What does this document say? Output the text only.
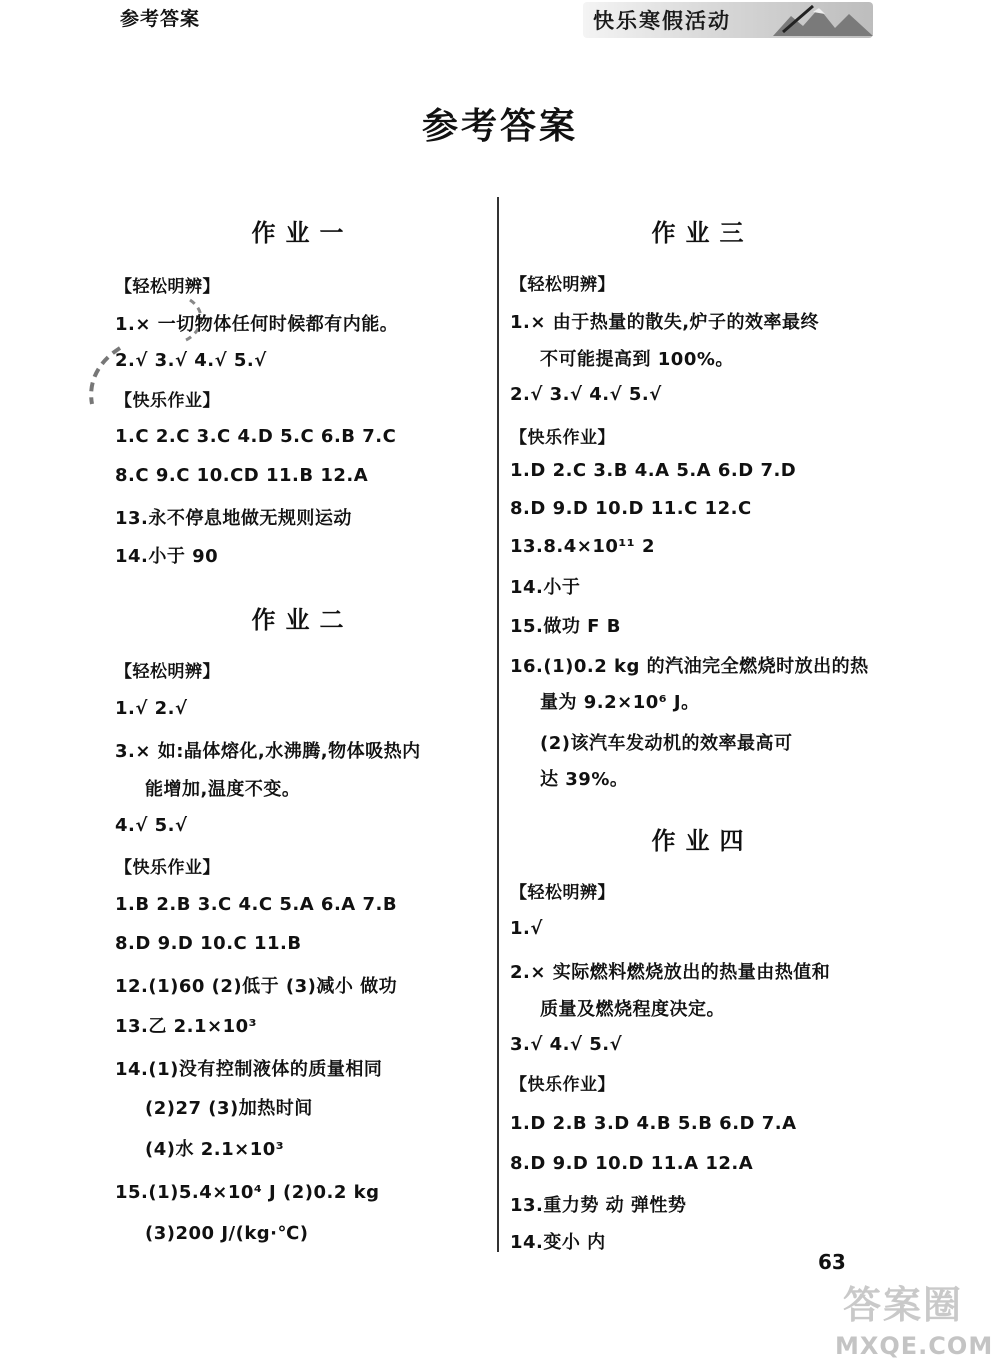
参考答案	快乐寒假活动
参考答案
作业一
【轻松明辨】
1.× 一切物体任何时候都有内能。
2.√ 3.√ 4.√ 5.√
【快乐作业】
1.C 2.C 3.C 4.D 5.C 6.B 7.C
8.C 9.C 10.CD 11.B 12.A
13.永不停息地做无规则运动
14.小于 90
作业二
【轻松明辨】
1.√ 2.√
3.× 如:晶体熔化,水沸腾,物体吸热内
能增加,温度不变。
4.√ 5.√
【快乐作业】
1.B 2.B 3.C 4.C 5.A 6.A 7.B
8.D 9.D 10.C 11.B
12.(1)60 (2)低于 (3)减小 做功
13.乙 2.1×10³
14.(1)没有控制液体的质量相同
(2)27 (3)加热时间
(4)水 2.1×10³
15.(1)5.4×10⁴ J (2)0.2 kg
(3)200 J/(kg·℃)
作业三
【轻松明辨】
1.× 由于热量的散失,炉子的效率最终
不可能提高到 100%。
2.√ 3.√ 4.√ 5.√
【快乐作业】
1.D 2.C 3.B 4.A 5.A 6.D 7.D
8.D 9.D 10.D 11.C 12.C
13.8.4×10¹¹ 2
14.小于
15.做功 F B
16.(1)0.2 kg 的汽油完全燃烧时放出的热
量为 9.2×10⁶ J。
(2)该汽车发动机的效率最高可
达 39%。
作业四
【轻松明辨】
1.√
2.× 实际燃料燃烧放出的热量由热值和
质量及燃烧程度决定。
3.√ 4.√ 5.√
【快乐作业】
1.D 2.B 3.D 4.B 5.B 6.D 7.A
8.D 9.D 10.D 11.A 12.A
13.重力势 动 弹性势
14.变小 内
63
答案圈
MXQE.COM
